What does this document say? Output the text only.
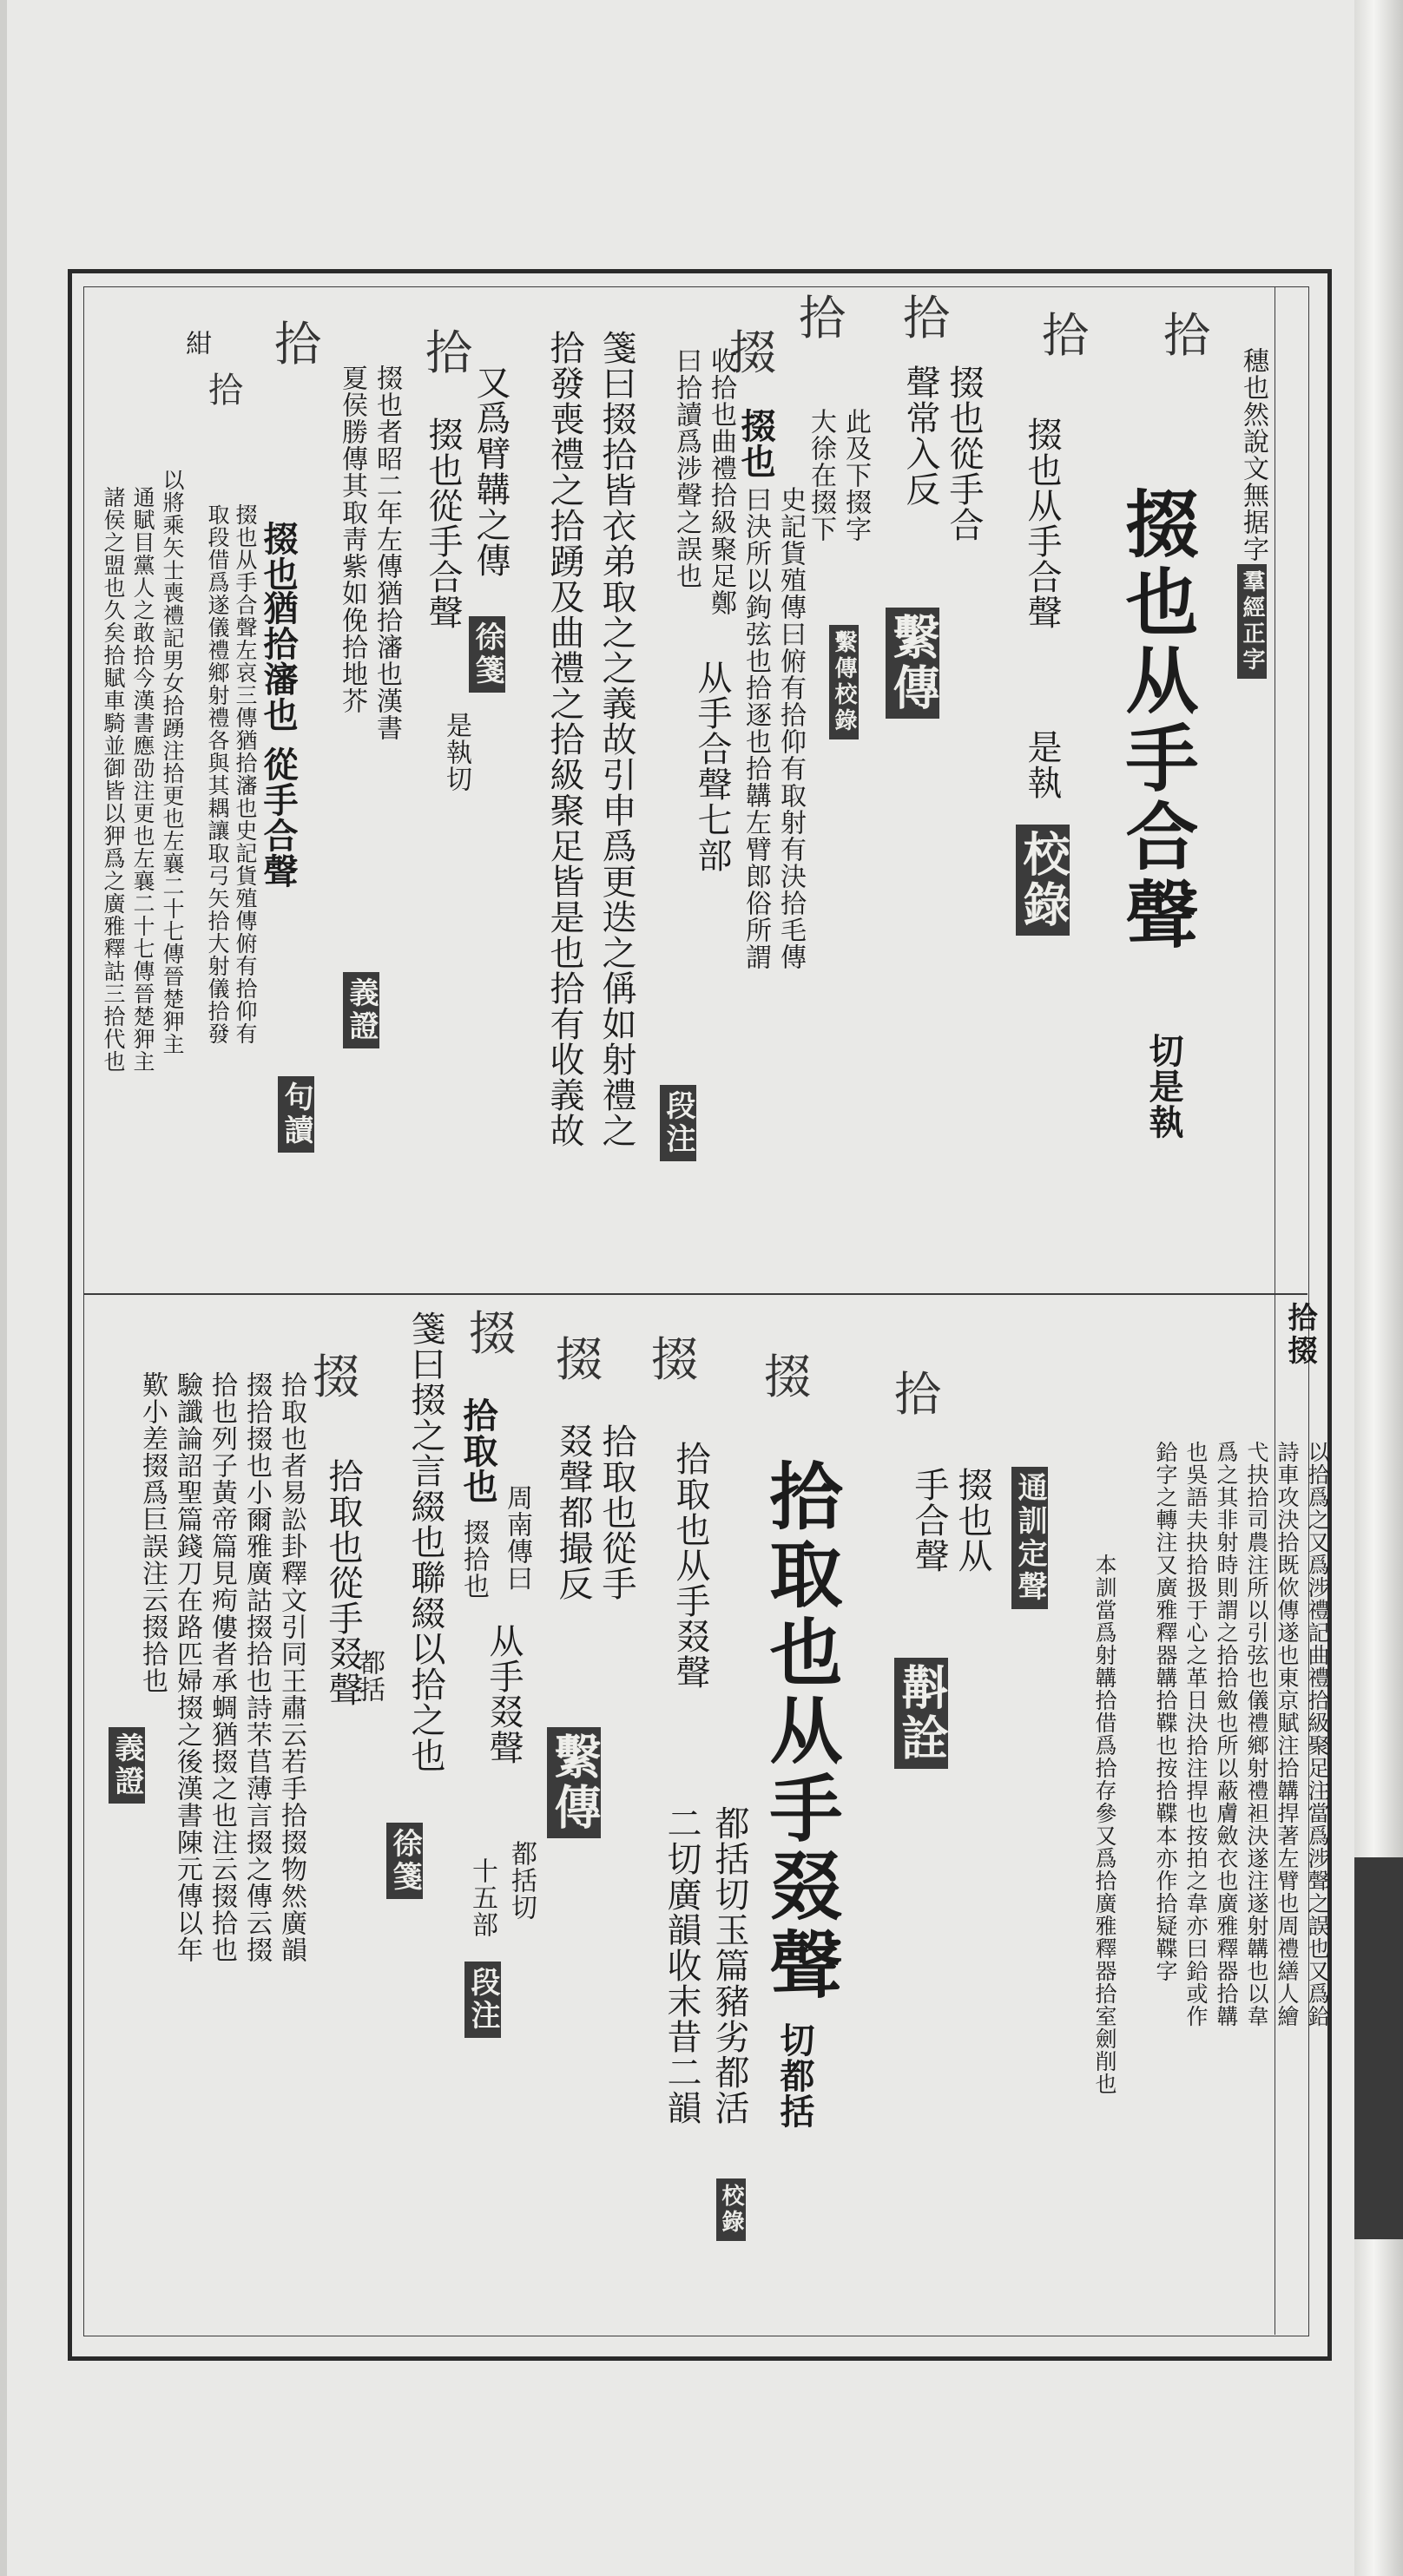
拾掇
穗也然說文無据字
羣經正字
拾
掇也从手合聲
切是執
拾
掇也从手合聲
是執
校錄
拾
掇也從手合
聲常入反
繫傳
拾
此及下掇字
大徐在掇下
繫傳校錄
掇
掇也
史記貨殖傳曰俯有拾仰有取射有決拾毛傳
曰決所以鉤弦也拾逐也拾韝左臂郎俗所謂
收拾也曲禮拾級聚足鄭
从手合聲七部
曰拾讀爲涉聲之誤也
段注
箋曰掇拾皆衣弟取之之義故引申爲更迭之偁如射禮之
拾發喪禮之拾踴及曲禮之拾級聚足皆是也拾有收義故
拾
掇也從手合聲
是執切
又爲臂韝之傳
徐箋
掇也者昭二年左傳猶拾瀋也漢書
夏侯勝傳其取靑紫如俛拾地芥
義證
拾
紺
拾
掇也
猶拾瀋也
從手合聲
掇也从手合聲左哀三傳猶拾瀋也史記貨殖傳俯有拾仰有
取段借爲遂儀禮鄉射禮各與其耦讓取弓矢拾大射儀拾發
句讀
以將乘矢士喪禮記男女拾踴注拾更也左襄二十七傳晉楚狎主
通賦目黨人之敢拾今漢書應劭注更也左襄二十七傳晉楚狎主
諸侯之盟也久矣拾賦車騎並御皆以狎爲之廣雅釋詁三拾代也
以拾爲之又爲涉禮記曲禮拾級聚足注當爲涉聲之誤也又爲鉿
詩車攻決拾既佽傳遂也東京賦注拾韝捍著左臂也周禮繕人繪
弋抉拾司農注所以引弦也儀禮鄉射禮袒決遂注遂射韝也以韋
爲之其非射時則謂之拾拾斂也所以蔽膚斂衣也廣雅釋器拾韝
也吳語夫抉拾扱于心之革日決拾注捍也按拍之韋亦曰鉿或作
鉿字之轉注又廣雅釋器韝拾鞢也按拾鞢本亦作拾疑鞢字
本訓當爲射韝拾借爲拾存參又爲拾廣雅釋器拾室劍削也
通訓定聲
拾
掇也从
手合聲
斠詮
掇
拾取也从手叕聲
切都括
都括切玉篇豬劣都活
二切廣韻收末昔二韻
校錄
掇
拾取也从手叕聲
掇
拾取也從手
叕聲都撮反
繫傳
掇
拾取也
周南傳曰
掇拾也
从手叕聲
都括切
十五部
段注
箋曰掇之言綴也聯綴以拾之也
徐箋
掇
拾取也從手叕聲
都括
拾取也者易訟卦釋文引同王肅云若手拾掇物然廣韻
掇拾掇也小爾雅廣詁掇拾也詩芣苢薄言掇之傳云掇
拾也列子黃帝篇見痀僂者承蜩猶掇之也注云掇拾也
驗讖論詔聖篇錢刀在路匹婦掇之後漢書陳元傳以年
歎小差掇爲巨誤注云掇拾也
義證
